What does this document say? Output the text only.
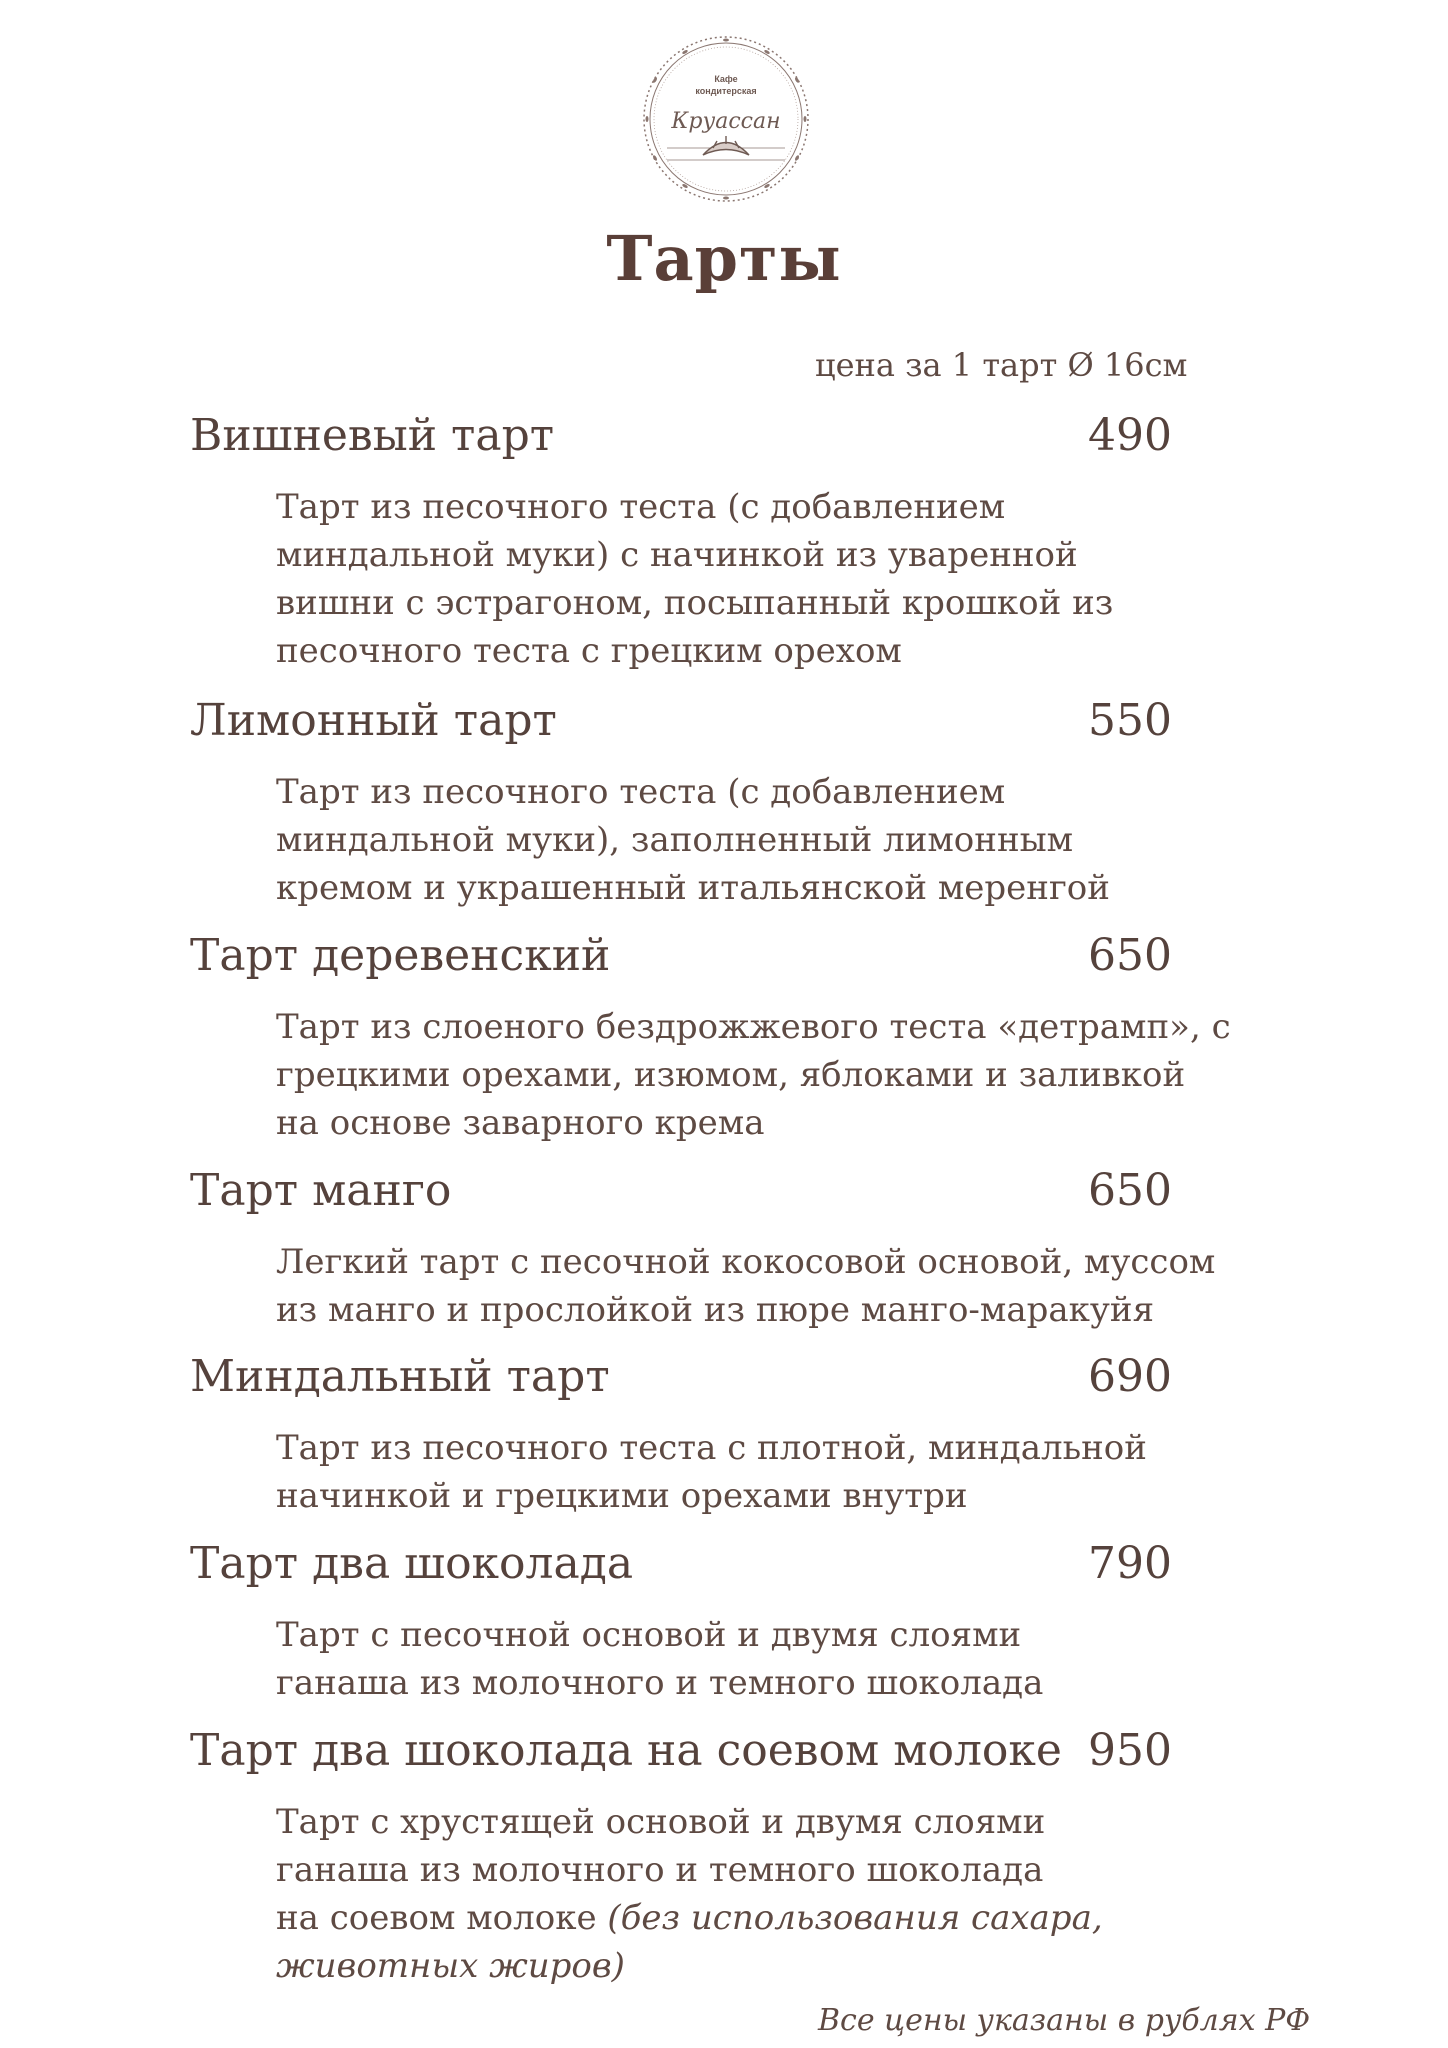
Кафе
кондитерская
Круассан
Тарты
цена за 1 тарт Ø 16см
Вишневый тарт	490
Тарт из песочного теста (с добавлением
миндальной муки) с начинкой из уваренной
вишни с эстрагоном, посыпанный крошкой из
песочного теста с грецким орехом
Лимонный тарт	550
Тарт из песочного теста (с добавлением
миндальной муки), заполненный лимонным
кремом и украшенный итальянской меренгой
Тарт деревенский	650
Тарт из слоеного бездрожжевого теста «детрамп», с
грецкими орехами, изюмом, яблоками и заливкой
на основе заварного крема
Тарт манго	650
Легкий тарт с песочной кокосовой основой, муссом
из манго и прослойкой из пюре манго-маракуйя
Миндальный тарт	690
Тарт из песочного теста с плотной, миндальной
начинкой и грецкими орехами внутри
Тарт два шоколада	790
Тарт с песочной основой и двумя слоями
ганаша из молочного и темного шоколада
Тарт два шоколада на соевом молоке 950
Тарт с хрустящей основой и двумя слоями
ганаша из молочного и темного шоколада
на соевом молоке (без использования сахара,
животных жиров)
Все цены указаны в рублях РФ
